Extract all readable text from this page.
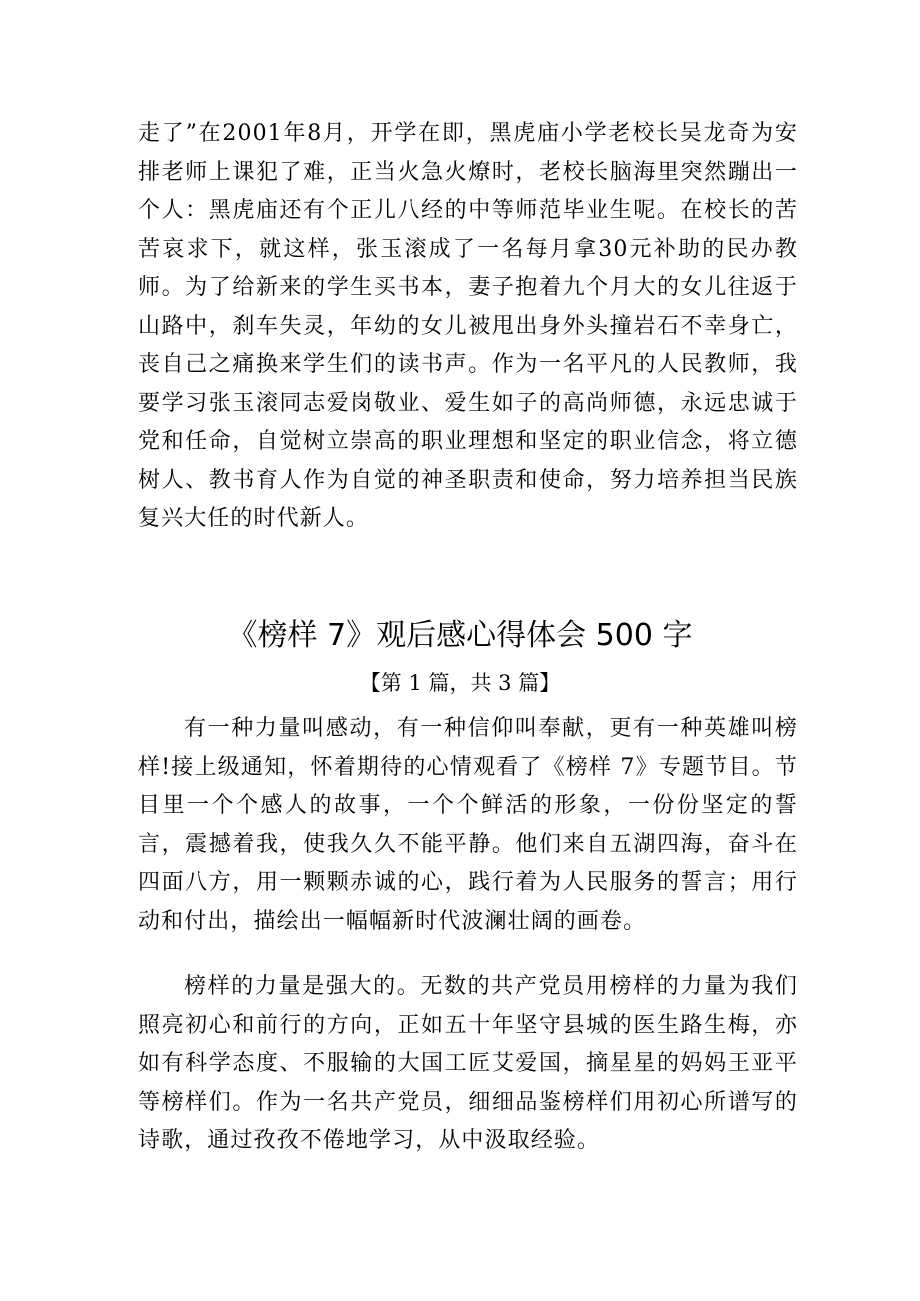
走了”在2001年8月，开学在即，黑虎庙小学老校长吴龙奇为安排老师上课犯了难，正当火急火燎时，老校长脑海里突然蹦出一个人：黑虎庙还有个正儿八经的中等师范毕业生呢。在校长的苦苦哀求下，就这样，张玉滚成了一名每月拿30元补助的民办教师。为了给新来的学生买书本，妻子抱着九个月大的女儿往返于山路中，刹车失灵，年幼的女儿被甩出身外头撞岩石不幸身亡，丧自己之痛换来学生们的读书声。作为一名平凡的人民教师，我要学习张玉滚同志爱岗敬业、爱生如子的高尚师德，永远忠诚于党和任命，自觉树立崇高的职业理想和坚定的职业信念，将立德树人、教书育人作为自觉的神圣职责和使命，努力培养担当民族复兴大任的时代新人。

《榜样 7》观后感心得体会 500 字
【第 1 篇，共 3 篇】

有一种力量叫感动，有一种信仰叫奉献，更有一种英雄叫榜样!接上级通知，怀着期待的心情观看了《榜样 7》专题节目。节目里一个个感人的故事，一个个鲜活的形象，一份份坚定的誓言，震撼着我，使我久久不能平静。他们来自五湖四海，奋斗在四面八方，用一颗颗赤诚的心，践行着为人民服务的誓言；用行动和付出，描绘出一幅幅新时代波澜壮阔的画卷。

榜样的力量是强大的。无数的共产党员用榜样的力量为我们照亮初心和前行的方向，正如五十年坚守县城的医生路生梅，亦如有科学态度、不服输的大国工匠艾爱国，摘星星的妈妈王亚平等榜样们。作为一名共产党员，细细品鉴榜样们用初心所谱写的诗歌，通过孜孜不倦地学习，从中汲取经验。
